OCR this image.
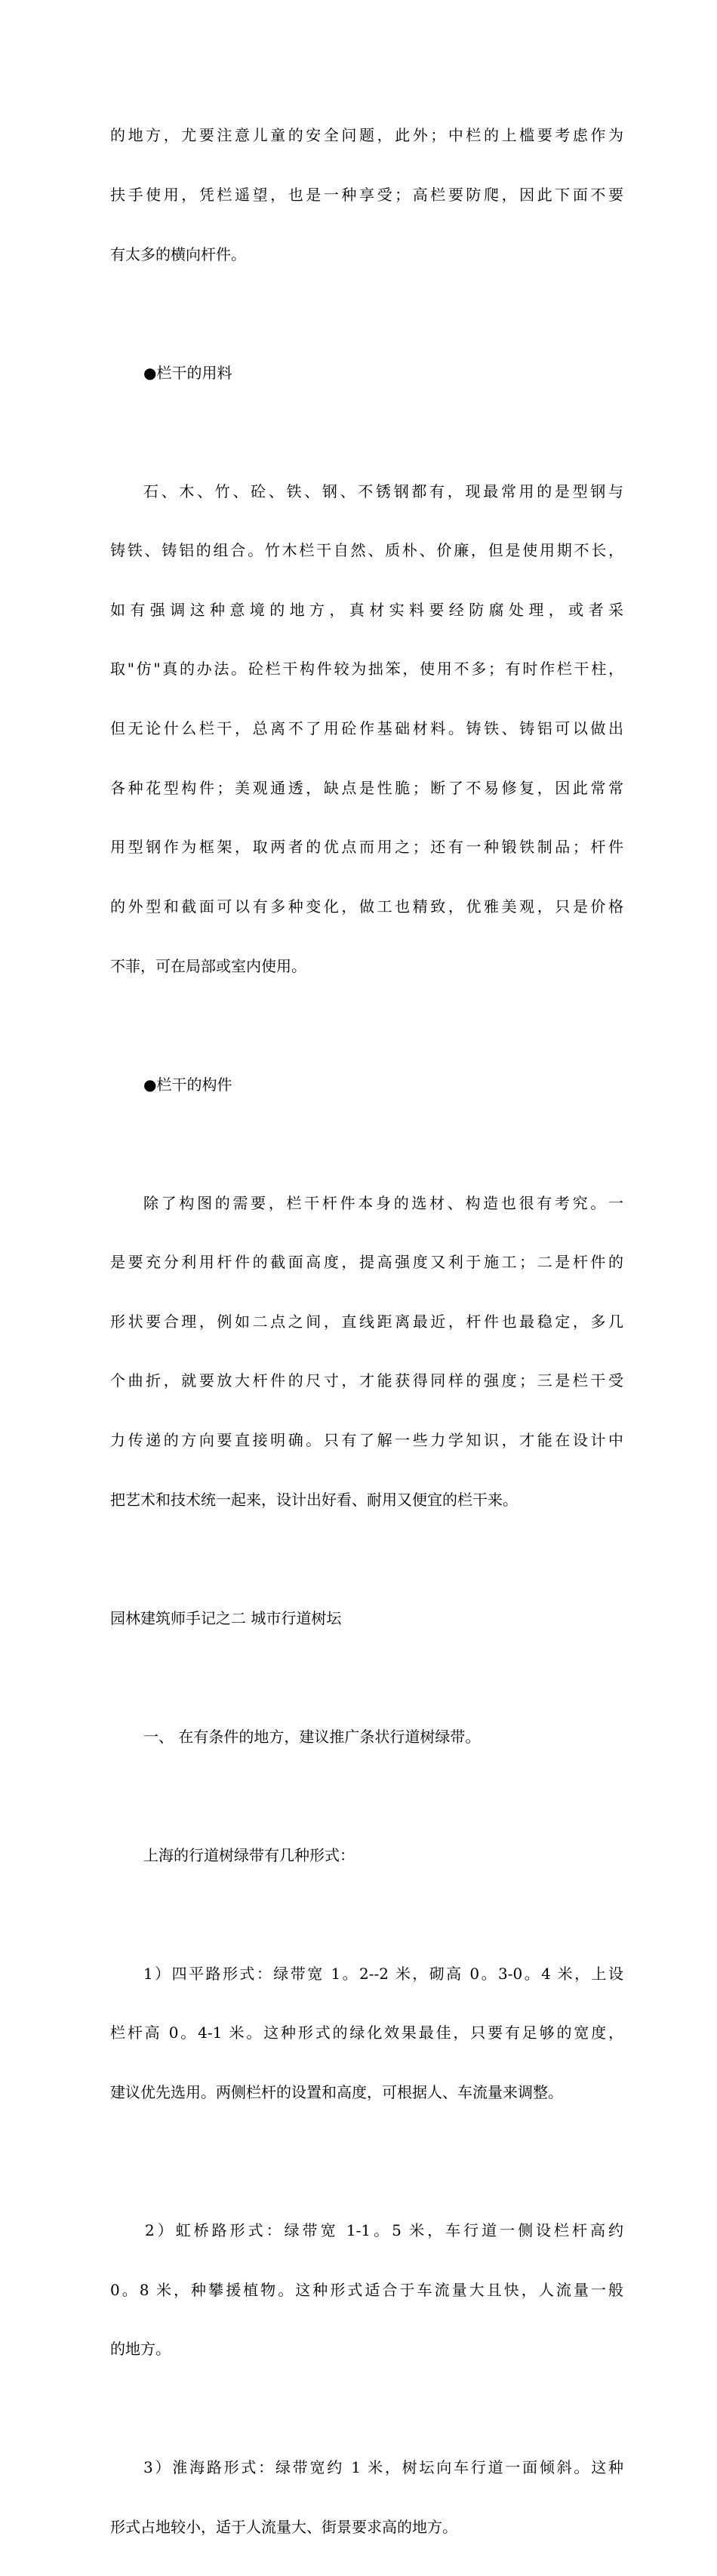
的地方，尤要注意儿童的安全问题，此外；中栏的上槛要考虑作为

扶手使用，凭栏遥望，也是一种享受；高栏要防爬，因此下面不要

有太多的横向杆件。

●栏干的用料

石、木、竹、砼、铁、钢、不锈钢都有，现最常用的是型钢与

铸铁、铸铝的组合。竹木栏干自然、质朴、价廉，但是使用期不长，

如有强调这种意境的地方，真材实料要经防腐处理，或者采

取"仿"真的办法。砼栏干构件较为拙笨，使用不多；有时作栏干柱，

但无论什么栏干，总离不了用砼作基础材料。铸铁、铸铝可以做出

各种花型构件；美观通透，缺点是性脆；断了不易修复，因此常常

用型钢作为框架，取两者的优点而用之；还有一种锻铁制品；杆件

的外型和截面可以有多种变化，做工也精致，优雅美观，只是价格

不菲，可在局部或室内使用。

●栏干的构件

除了构图的需要，栏干杆件本身的选材、构造也很有考究。一

是要充分利用杆件的截面高度，提高强度又利于施工；二是杆件的

形状要合理，例如二点之间，直线距离最近，杆件也最稳定，多几

个曲折，就要放大杆件的尺寸，才能获得同样的强度；三是栏干受

力传递的方向要直接明确。只有了解一些力学知识，才能在设计中

把艺术和技术统一起来，设计出好看、耐用又便宜的栏干来。

园林建筑师手记之二 城市行道树坛

一、 在有条件的地方，建议推广条状行道树绿带。

上海的行道树绿带有几种形式：

1）四平路形式：绿带宽 1。2--2 米，砌高 0。3-0。4 米，上设

栏杆高 0。4-1 米。这种形式的绿化效果最佳，只要有足够的宽度，

建议优先选用。两侧栏杆的设置和高度，可根据人、车流量来调整。

2）虹桥路形式：绿带宽 1-1。5 米，车行道一侧设栏杆高约

0。8 米，种攀援植物。这种形式适合于车流量大且快，人流量一般

的地方。

3）淮海路形式：绿带宽约 1 米，树坛向车行道一面倾斜。这种

形式占地较小，适于人流量大、街景要求高的地方。
